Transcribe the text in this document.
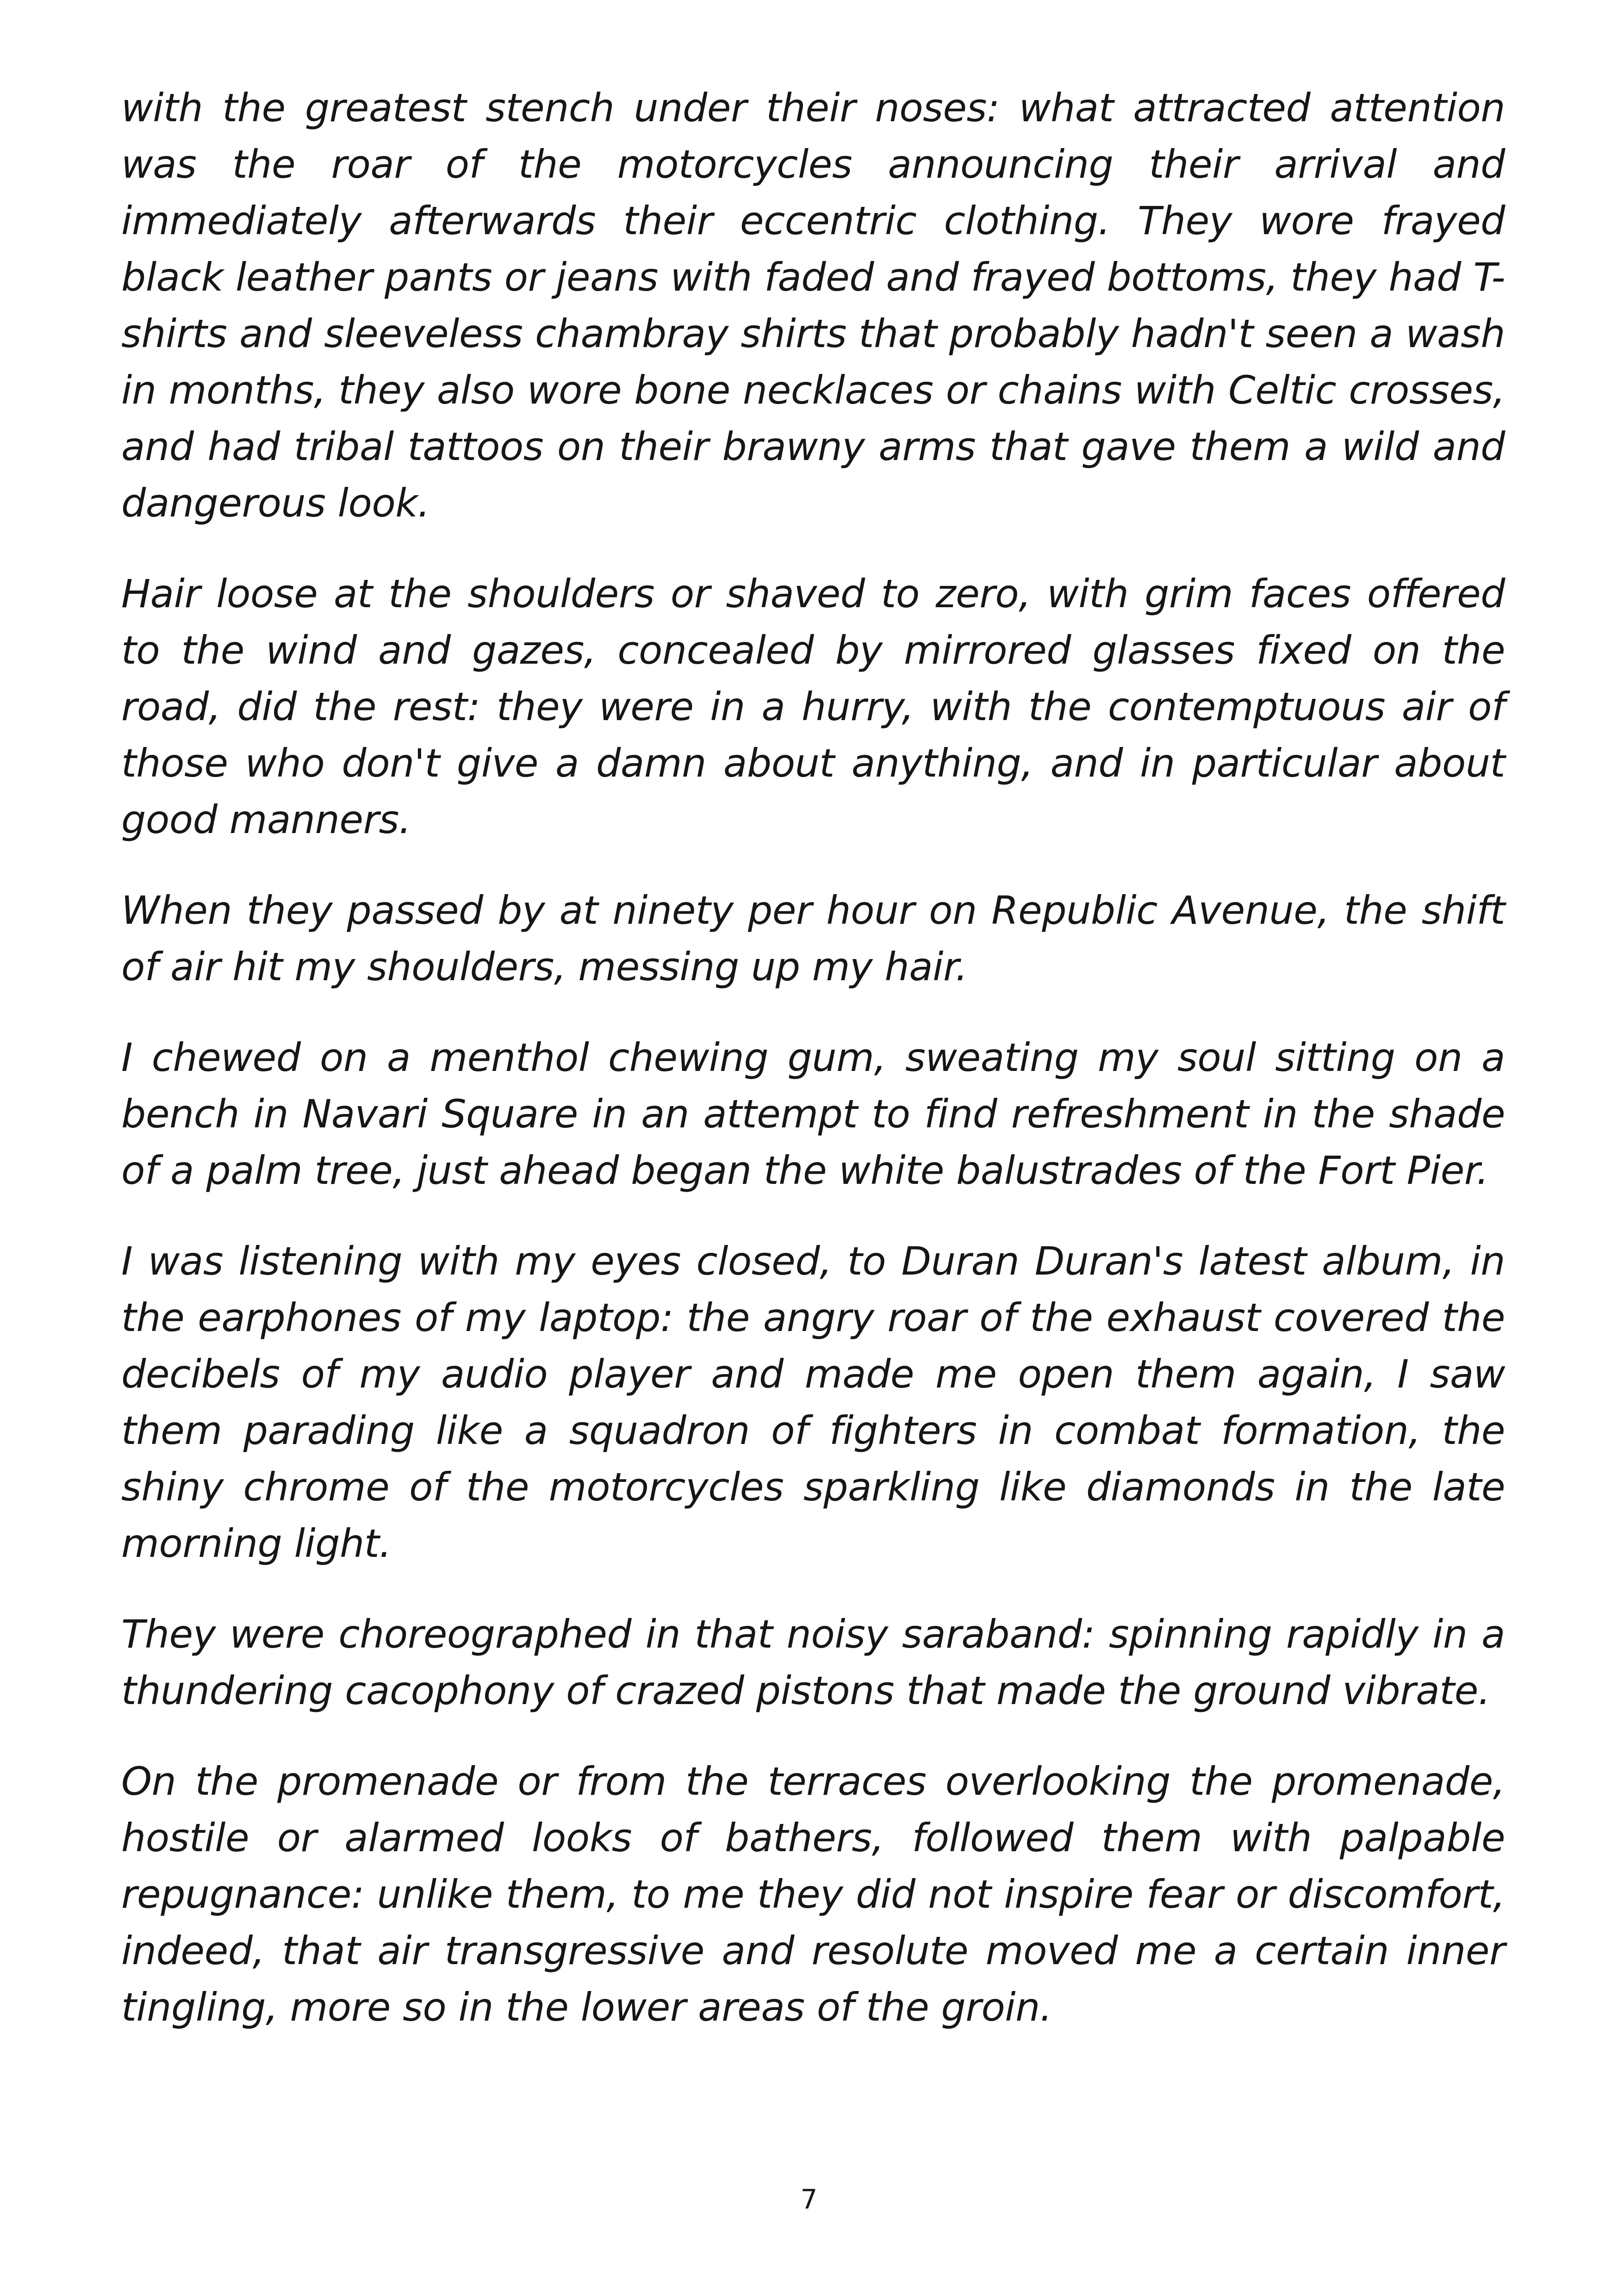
with the greatest stench under their noses: what attracted attention was the roar of the motorcycles announcing their arrival and immediately afterwards their eccentric clothing. They wore frayed black leather pants or jeans with faded and frayed bottoms, they had T-shirts and sleeveless chambray shirts that probably hadn't seen a wash in months, they also wore bone necklaces or chains with Celtic crosses, and had tribal tattoos on their brawny arms that gave them a wild and dangerous look.

Hair loose at the shoulders or shaved to zero, with grim faces offered to the wind and gazes, concealed by mirrored glasses fixed on the road, did the rest: they were in a hurry, with the contemptuous air of those who don't give a damn about anything, and in particular about good manners.

When they passed by at ninety per hour on Republic Avenue, the shift of air hit my shoulders, messing up my hair.

I chewed on a menthol chewing gum, sweating my soul sitting on a bench in Navari Square in an attempt to find refreshment in the shade of a palm tree, just ahead began the white balustrades of the Fort Pier.

I was listening with my eyes closed, to Duran Duran's latest album, in the earphones of my laptop: the angry roar of the exhaust covered the decibels of my audio player and made me open them again, I saw them parading like a squadron of fighters in combat formation, the shiny chrome of the motorcycles sparkling like diamonds in the late morning light.

They were choreographed in that noisy saraband: spinning rapidly in a thundering cacophony of crazed pistons that made the ground vibrate.

On the promenade or from the terraces overlooking the promenade, hostile or alarmed looks of bathers, followed them with palpable repugnance: unlike them, to me they did not inspire fear or discomfort, indeed, that air transgressive and resolute moved me a certain inner tingling, more so in the lower areas of the groin.

7
